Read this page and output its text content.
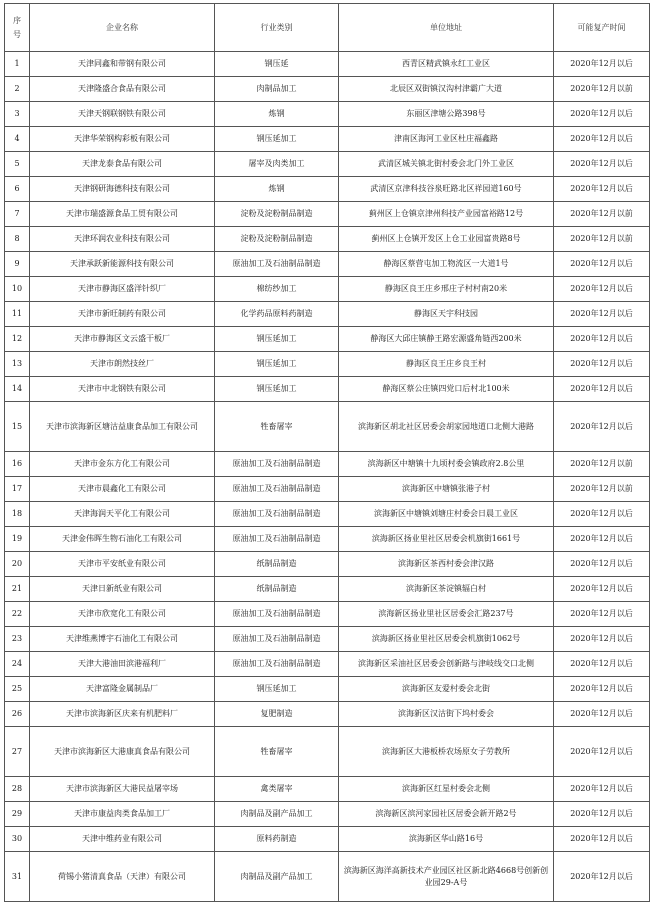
序
号	企业名称	行业类别	单位地址	可能复产时间
1	天津同鑫和带钢有限公司	钢压延	西青区精武镇永红工业区	2020年12月以后
2	天津隆盛合食品有限公司	肉制品加工	北辰区双街镇汉沟村津霸广大道	2020年12月以前
3	天津天钢联钢铁有限公司	炼钢	东丽区津塘公路398号	2020年12月以后
4	天津华荣钢构彩板有限公司	钢压延加工	津南区海河工业区杜庄福鑫路	2020年12月以后
5	天津龙泰食品有限公司	屠宰及肉类加工	武清区城关镇北街村委会北门外工业区	2020年12月以后
6	天津钢研海德科技有限公司	炼钢	武清区京津科技谷泉旺路北区祥园道160号	2020年12月以后
7	天津市瑞盛源食品工贸有限公司	淀粉及淀粉制品制造	蓟州区上仓镇京津州科技产业园富裕路12号	2020年12月以前
8	天津环润农业科技有限公司	淀粉及淀粉制品制造	蓟州区上仓镇开发区上仓工业园富贵路8号	2020年12月以前
9	天津承跃新能源科技有限公司	原油加工及石油制品制造	静海区蔡营屯加工物流区一大道1号	2020年12月以后
10	天津市静海区盛洋针织厂	棉纺纱加工	静海区良王庄乡邢庄子村村南20米	2020年12月以后
11	天津市新旺制药有限公司	化学药品原料药制造	静海区天宇科技园	2020年12月以后
12	天津市静海区文云盛干板厂	钢压延加工	静海区大邱庄镇静王路宏源盛角链西200米	2020年12月以后
13	天津市朗然技丝厂	钢压延加工	静海区良王庄乡良王村	2020年12月以后
14	天津市中北钢铁有限公司	钢压延加工	静海区蔡公庄镇四党口后村北100米	2020年12月以后
15	天津市滨海新区塘沽益康食品加工有限公司	牲畜屠宰	滨海新区胡北社区居委会胡家园地道口北侧大港路	2020年12月以后
16	天津市金东方化工有限公司	原油加工及石油制品制造	滨海新区中塘镇十九顷村委会镇政府2.8公里	2020年12月以前
17	天津市晨鑫化工有限公司	原油加工及石油制品制造	滨海新区中塘镇张港子村	2020年12月以前
18	天津海润天平化工有限公司	原油加工及石油制品制造	滨海新区中塘镇刘塘庄村委会日晨工业区	2020年12月以后
19	天津金伟晖生物石油化工有限公司	原油加工及石油制品制造	滨海新区扬业里社区居委会机旗街1661号	2020年12月以后
20	天津市平安纸业有限公司	纸制品制造	滨海新区茶西村委会津汉路	2020年12月以后
21	天津日新纸业有限公司	纸制品制造	滨海新区茶淀镇辐白村	2020年12月以后
22	天津市欣宽化工有限公司	原油加工及石油制品制造	滨海新区扬业里社区居委会汇路237号	2020年12月以后
23	天津维燕博宇石油化工有限公司	原油加工及石油制品制造	滨海新区扬业里社区居委会机旗街1062号	2020年12月以后
24	天津大港油田滨港福利厂	原油加工及石油制品制造	滨海新区采油社区居委会创新路与津岐线交口北侧	2020年12月以后
25	天津富隆金属制品厂	钢压延加工	滨海新区友爱村委会北街	2020年12月以后
26	天津市滨海新区庆来有机肥料厂	复肥制造	滨海新区汉沽街下坞村委会	2020年12月以后
27	天津市滨海新区大港康真食品有限公司	牲畜屠宰	滨海新区大港板桥农场原女子劳教所	2020年12月以后
28	天津市滨海新区大港民益屠宰场	禽类屠宰	滨海新区红星村委会北侧	2020年12月以后
29	天津市康益肉类食品加工厂	肉制品及副产品加工	滨海新区滨河家园社区居委会新开路2号	2020年12月以后
30	天津中维药业有限公司	原料药制造	滨海新区华山路16号	2020年12月以后
31	荷锡小猪清真食品（天津）有限公司	肉制品及副产品加工	滨海新区海洋高新技术产业园区社区新北路4668号创新创业园29-A号	2020年12月以后
